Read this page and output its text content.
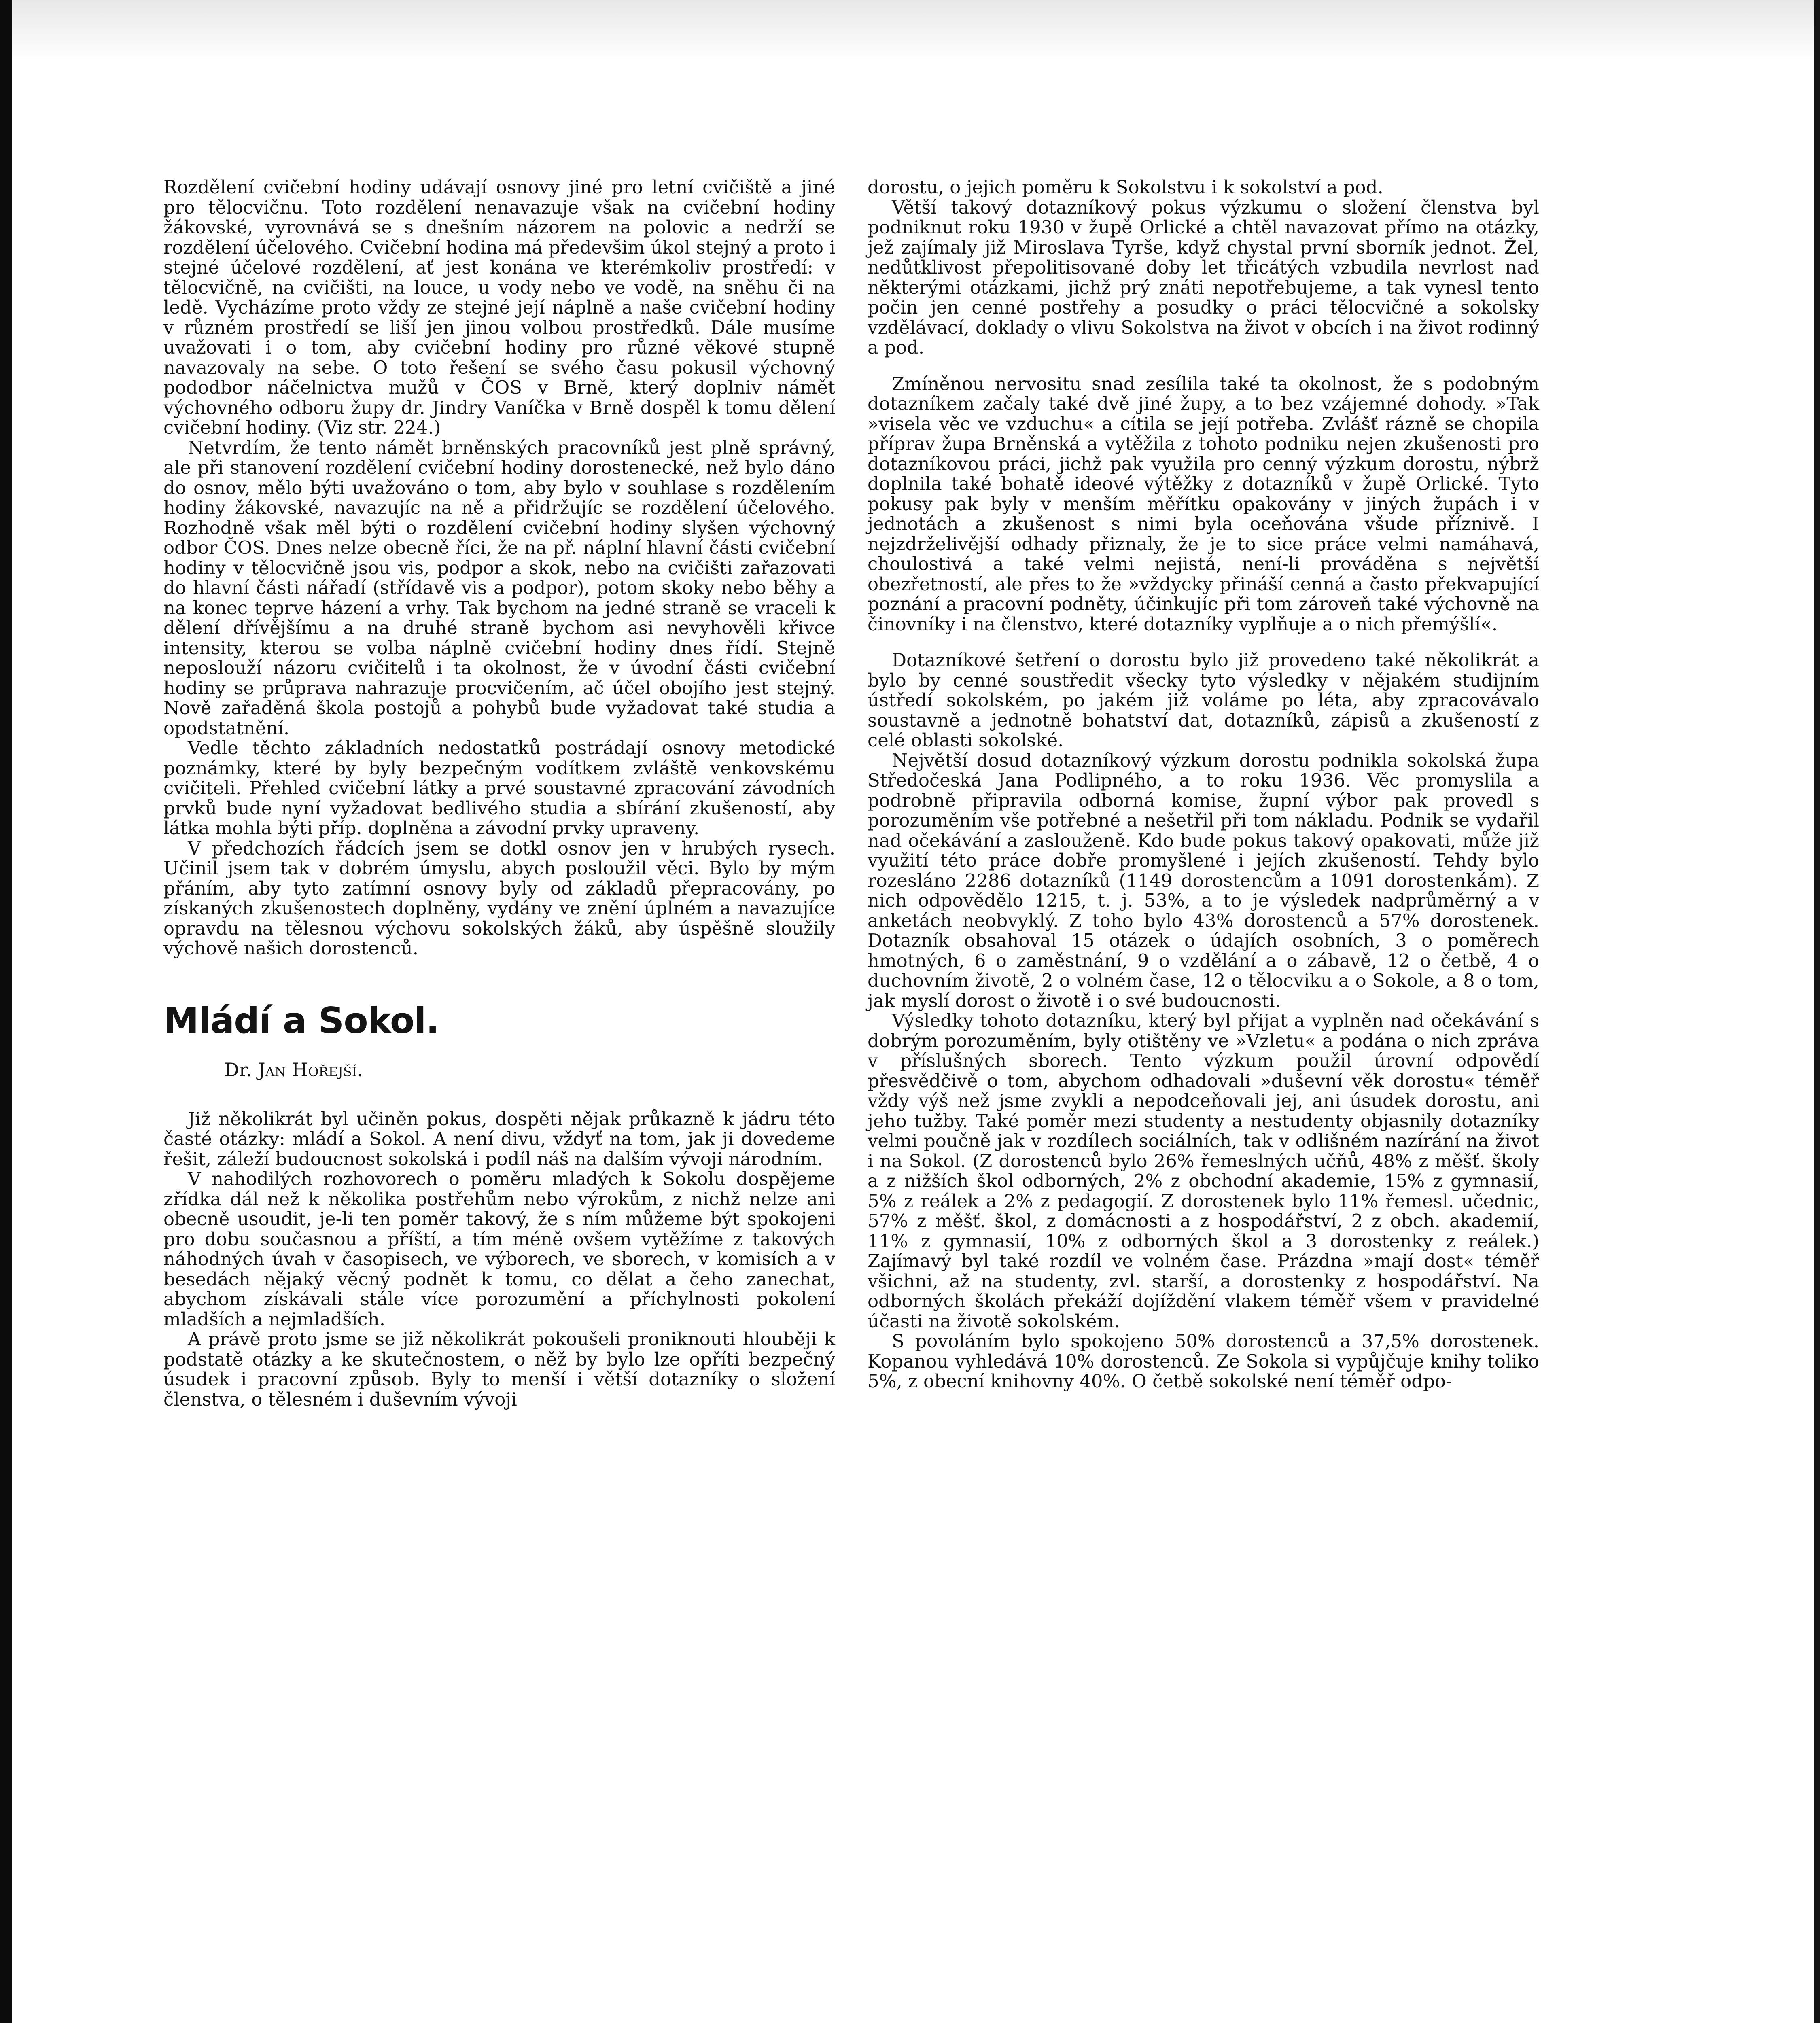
Rozdělení cvičební hodiny udávají osnovy jiné pro letní cvičiště a jiné pro tělocvičnu. Toto rozdělení nenavazuje však na cvičební hodiny žákovské, vyrovnává se s dnešním názorem na polovic a nedrží se rozdělení účelového. Cvičební hodina má předevšim úkol stejný a proto i stejné účelové rozdělení, ať jest konána ve kterémkoliv prostředí: v tělocvičně, na cvičišti, na louce, u vody nebo ve vodě, na sněhu či na ledě. Vycházíme proto vždy ze stejné její náplně a naše cvičební hodiny v různém prostředí se liší jen jinou volbou prostředků. Dále musíme uvažovati i o tom, aby cvičební hodiny pro různé věkové stupně navazovaly na sebe. O toto řešení se svého času pokusil výchovný pododbor náčelnictva mužů v ČOS v Brně, který doplniv námět výchovného odboru župy dr. Jindry Vaníčka v Brně dospěl k tomu dělení cvičební hodiny. (Viz str. 224.)

Netvrdím, že tento námět brněnských pracovníků jest plně správný, ale při stanovení rozdělení cvičební hodiny dorostenecké, než bylo dáno do osnov, mělo býti uvažováno o tom, aby bylo v souhlase s rozdělením hodiny žákovské, navazujíc na ně a přidržujíc se rozdělení účelového. Rozhodně však měl býti o rozdělení cvičební hodiny slyšen výchovný odbor ČOS. Dnes nelze obecně říci, že na př. náplní hlavní části cvičební hodiny v tělocvičně jsou vis, podpor a skok, nebo na cvičišti zařazovati do hlavní části nářadí (střídavě vis a podpor), potom skoky nebo běhy a na konec teprve házení a vrhy. Tak bychom na jedné straně se vraceli k dělení dřívějšímu a na druhé straně bychom asi nevyhověli křivce intensity, kterou se volba náplně cvičební hodiny dnes řídí. Stejně neposlouží názoru cvičitelů i ta okolnost, že v úvodní části cvičební hodiny se průprava nahrazuje procvičením, ač účel obojího jest stejný. Nově zařaděná škola postojů a pohybů bude vyžadovat také studia a opodstatnění.

Vedle těchto základních nedostatků postrádají osnovy metodické poznámky, které by byly bezpečným vodítkem zvláště venkovskému cvičiteli. Přehled cvičební látky a prvé soustavné zpracování závodních prvků bude nyní vyžadovat bedlivého studia a sbírání zkušeností, aby látka mohla býti příp. doplněna a závodní prvky upraveny.

V předchozích řádcích jsem se dotkl osnov jen v hrubých rysech. Učinil jsem tak v dobrém úmyslu, abych posloužil věci. Bylo by mým přáním, aby tyto zatímní osnovy byly od základů přepracovány, po získaných zkušenostech doplněny, vydány ve znění úplném a navazujíce opravdu na tělesnou výchovu sokolských žáků, aby úspěšně sloužily výchově našich dorostenců.

Mládí a Sokol.
Dr. Jan Hořejší.

Již několikrát byl učiněn pokus, dospěti nějak průkazně k jádru této časté otázky: mládí a Sokol. A není divu, vždyť na tom, jak ji dovedeme řešit, záleží budoucnost sokolská i podíl náš na dalším vývoji národním.

V nahodilých rozhovorech o poměru mladých k Sokolu dospějeme zřídka dál než k několika postřehům nebo výrokům, z nichž nelze ani obecně usoudit, je-li ten poměr takový, že s ním můžeme být spokojeni pro dobu současnou a příští, a tím méně ovšem vytěžíme z takových náhodných úvah v časopisech, ve výborech, ve sborech, v komisích a v besedách nějaký věcný podnět k tomu, co dělat a čeho zanechat, abychom získávali stále více porozumění a příchylnosti pokolení mladších a nejmladších.

A právě proto jsme se již několikrát pokoušeli proniknouti hlouběji k podstatě otázky a ke skutečnostem, o něž by bylo lze opříti bezpečný úsudek i pracovní způsob. Byly to menší i větší dotazníky o složení členstva, o tělesném i duševním vývoji

dorostu, o jejich poměru k Sokolstvu i k sokolství a pod.

Větší takový dotazníkový pokus výzkumu o složení členstva byl podniknut roku 1930 v župě Orlické a chtěl navazovat přímo na otázky, jež zajímaly již Miroslava Tyrše, když chystal první sborník jednot. Žel, nedůtklivost přepolitisované doby let třicátých vzbudila nevrlost nad některými otázkami, jichž prý znáti nepotřebujeme, a tak vynesl tento počin jen cenné postřehy a posudky o práci tělocvičné a sokolsky vzdělávací, doklady o vlivu Sokolstva na život v obcích i na život rodinný a pod.

Zmíněnou nervositu snad zesílila také ta okolnost, že s podobným dotazníkem začaly také dvě jiné župy, a to bez vzájemné dohody. »Tak »visela věc ve vzduchu« a cítila se její potřeba. Zvlášť rázně se chopila příprav župa Brněnská a vytěžila z tohoto podniku nejen zkušenosti pro dotazníkovou práci, jichž pak využila pro cenný výzkum dorostu, nýbrž doplnila také bohatě ideové výtěžky z dotazníků v župě Orlické. Tyto pokusy pak byly v menším měřítku opakovány v jiných župách i v jednotách a zkušenost s nimi byla oceňována všude příznivě. I nejzdrželivější odhady přiznaly, že je to sice práce velmi namáhavá, choulostivá a také velmi nejistá, není-li prováděna s největší obezřetností, ale přes to že »vždycky přináší cenná a často překvapující poznání a pracovní podněty, účinkujíc při tom zároveň také výchovně na činovníky i na členstvo, které dotazníky vyplňuje a o nich přemýšlí«.

Dotazníkové šetření o dorostu bylo již provedeno také několikrát a bylo by cenné soustředit všecky tyto výsledky v nějakém studijním ústředí sokolském, po jakém již voláme po léta, aby zpracovávalo soustavně a jednotně bohatství dat, dotazníků, zápisů a zkušeností z celé oblasti sokolské.

Největší dosud dotazníkový výzkum dorostu podnikla sokolská župa Středočeská Jana Podlipného, a to roku 1936. Věc promyslila a podrobně připravila odborná komise, župní výbor pak provedl s porozuměním vše potřebné a nešetřil při tom nákladu. Podnik se vydařil nad očekávání a zaslouženě. Kdo bude pokus takový opakovati, může již využití této práce dobře promyšlené i jejích zkušeností. Tehdy bylo rozesláno 2286 dotazníků (1149 dorostencům a 1091 dorostenkám). Z nich odpovědělo 1215, t. j. 53%, a to je výsledek nadprůměrný a v anketách neobvyklý. Z toho bylo 43% dorostenců a 57% dorostenek. Dotazník obsahoval 15 otázek o údajích osobních, 3 o poměrech hmotných, 6 o zaměstnání, 9 o vzdělání a o zábavě, 12 o četbě, 4 o duchovním životě, 2 o volném čase, 12 o tělocviku a o Sokole, a 8 o tom, jak myslí dorost o životě i o své budoucnosti.

Výsledky tohoto dotazníku, který byl přijat a vyplněn nad očekávání s dobrým porozuměním, byly otištěny ve »Vzletu« a podána o nich zpráva v příslušných sborech. Tento výzkum použil úrovní odpovědí přesvědčivě o tom, abychom odhadovali »duševní věk dorostu« téměř vždy výš než jsme zvykli a nepodceňovali jej, ani úsudek dorostu, ani jeho tužby. Také poměr mezi studenty a nestudenty objasnily dotazníky velmi poučně jak v rozdílech sociálních, tak v odlišném nazírání na život i na Sokol. (Z dorostenců bylo 26% řemeslných učňů, 48% z měšť. školy a z nižších škol odborných, 2% z obchodní akademie, 15% z gymnasií, 5% z reálek a 2% z pedagogií. Z dorostenek bylo 11% řemesl. učednic, 57% z měšť. škol, z domácnosti a z hospodářství, 2 z obch. akademií, 11% z gymnasií, 10% z odborných škol a 3 dorostenky z reálek.) Zajímavý byl také rozdíl ve volném čase. Prázdna »mají dost« téměř všichni, až na studenty, zvl. starší, a dorostenky z hospodářství. Na odborných školách překáží dojíždění vlakem téměř všem v pravidelné účasti na životě sokolském.

S povoláním bylo spokojeno 50% dorostenců a 37,5% dorostenek. Kopanou vyhledává 10% dorostenců. Ze Sokola si vypůjčuje knihy toliko 5%, z obecní knihovny 40%. O četbě sokolské není téměř odpo-
